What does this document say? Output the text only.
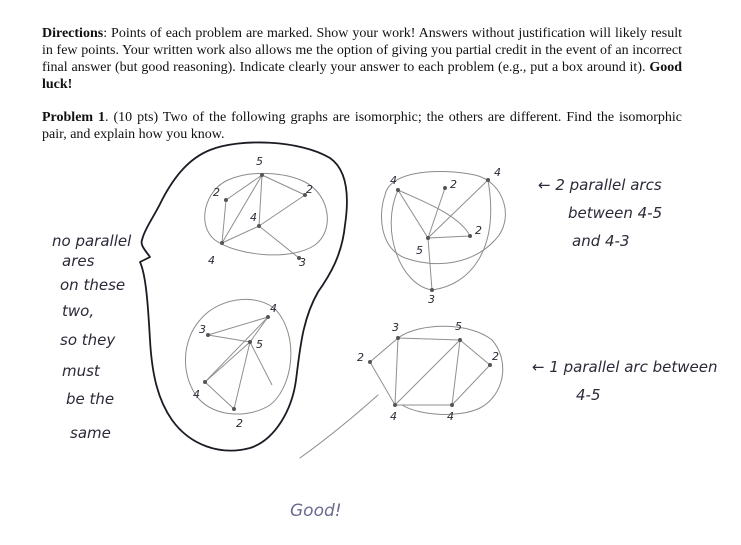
Directions: Points of each problem are marked. Show your work! Answers without justification will likely result in few points. Your written work also allows me the option of giving you partial credit in the event of an incorrect final answer (but good reasoning). Indicate clearly your answer to each problem (e.g., put a box around it). Good luck!

Problem 1. (10 pts) Two of the following graphs are isomorphic; the others are different. Find the isomorphic pair, and explain how you know.

5
2	2
4
4	3
4	2
4
2
5
3
4
3
5
4
2
3	5
2	2
4	4
no parallel
ares
on these
two,
so they
must
be the
same
← 2 parallel arcs
between 4-5
and 4-3
← 1 parallel arc between
4-5
Good!
